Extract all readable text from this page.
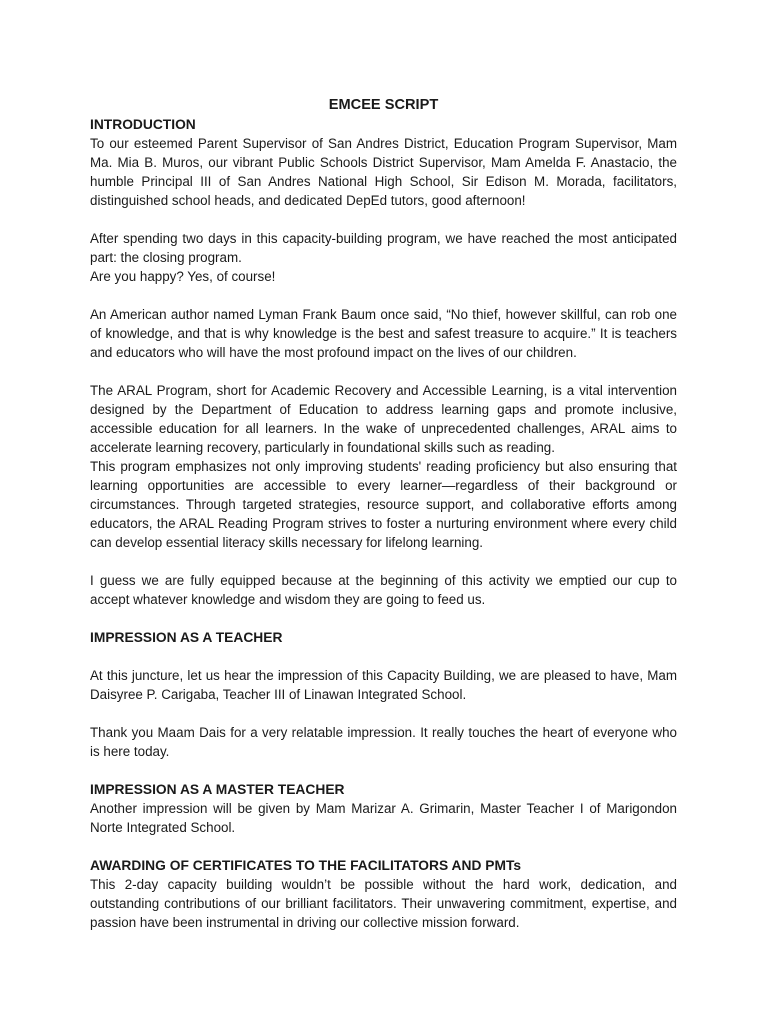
EMCEE SCRIPT

INTRODUCTION

To our esteemed Parent Supervisor of San Andres District, Education Program Supervisor, Mam Ma. Mia B. Muros, our vibrant Public Schools District Supervisor, Mam Amelda F. Anastacio, the humble Principal III of San Andres National High School, Sir Edison M. Morada, facilitators, distinguished school heads, and dedicated DepEd tutors, good afternoon!

After spending two days in this capacity-building program, we have reached the most anticipated part: the closing program.

Are you happy? Yes, of course!

An American author named Lyman Frank Baum once said, “No thief, however skillful, can rob one of knowledge, and that is why knowledge is the best and safest treasure to acquire.” It is teachers and educators who will have the most profound impact on the lives of our children.

The ARAL Program, short for Academic Recovery and Accessible Learning, is a vital intervention designed by the Department of Education to address learning gaps and promote inclusive, accessible education for all learners. In the wake of unprecedented challenges, ARAL aims to accelerate learning recovery, particularly in foundational skills such as reading.

This program emphasizes not only improving students' reading proficiency but also ensuring that learning opportunities are accessible to every learner—regardless of their background or circumstances. Through targeted strategies, resource support, and collaborative efforts among educators, the ARAL Reading Program strives to foster a nurturing environment where every child can develop essential literacy skills necessary for lifelong learning.

I guess we are fully equipped because at the beginning of this activity we emptied our cup to accept whatever knowledge and wisdom they are going to feed us.

IMPRESSION AS A TEACHER

At this juncture, let us hear the impression of this Capacity Building, we are pleased to have, Mam Daisyree P. Carigaba, Teacher III of Linawan Integrated School.

Thank you Maam Dais for a very relatable impression. It really touches the heart of everyone who is here today.

IMPRESSION AS A MASTER TEACHER

Another impression will be given by Mam Marizar A. Grimarin, Master Teacher I of Marigondon Norte Integrated School.

AWARDING OF CERTIFICATES TO THE FACILITATORS AND PMTs

This 2-day capacity building wouldn’t be possible without the hard work, dedication, and outstanding contributions of our brilliant facilitators. Their unwavering commitment, expertise, and passion have been instrumental in driving our collective mission forward.
